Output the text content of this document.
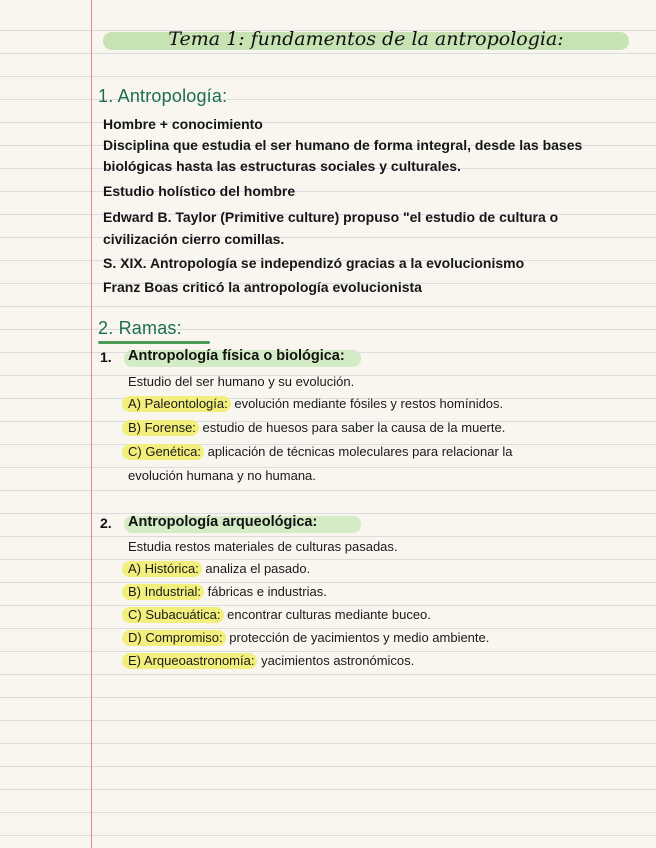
Tema 1: fundamentos de la antropologia:
1. Antropología:
Hombre + conocimiento
Disciplina que estudia el ser humano de forma integral, desde las bases
biológicas hasta las estructuras sociales y culturales.
Estudio holístico del hombre
Edward B. Taylor (Primitive culture) propuso "el estudio de cultura o
civilización cierro comillas.
S. XIX. Antropología se independizó gracias a la evolucionismo
Franz Boas criticó la antropología evolucionista
2. Ramas:
1. Antropología física o biológica:
Estudio del ser humano y su evolución.
A) Paleontología: evolución mediante fósiles y restos homínidos.
B) Forense: estudio de huesos para saber la causa de la muerte.
C) Genética: aplicación de técnicas moleculares para relacionar la
evolución humana y no humana.
2. Antropología arqueológica:
Estudia restos materiales de culturas pasadas.
A) Histórica: analiza el pasado.
B) Industrial: fábricas e industrias.
C) Subacuática: encontrar culturas mediante buceo.
D) Compromiso: protección de yacimientos y medio ambiente.
E) Arqueoastronomía: yacimientos astronómicos.
